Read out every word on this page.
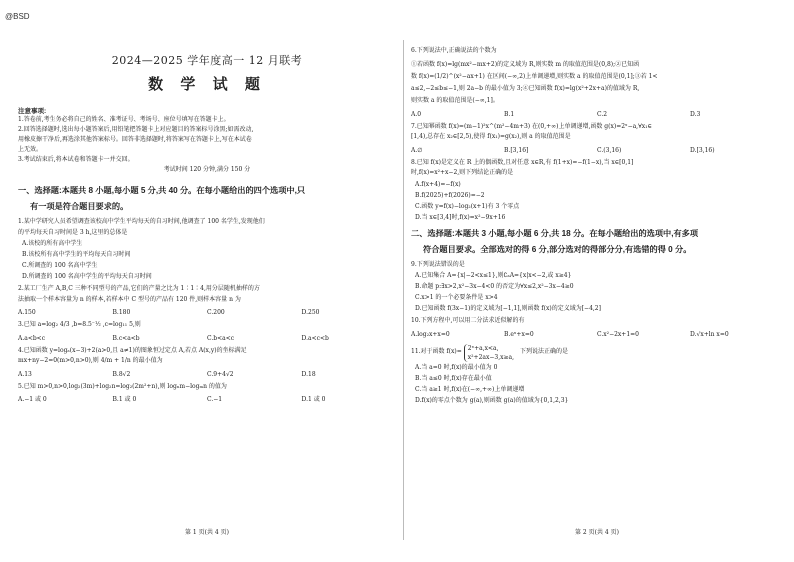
@BSD
2024—2025 学年度高一 12 月联考
数 学 试 题
注意事项:
1.答卷前,考生务必将自己的姓名、准考证号、考场号、座位号填写在答题卡上。
2.回答选择题时,选出每小题答案后,用铅笔把答题卡上对应题目的答案标号涂黑;如需改动,
用橡皮擦干净后,再选涂其他答案标号。回答非选择题时,将答案写在答题卡上,写在本试卷
上无效。
3.考试结束后,将本试卷和答题卡一并交回。
考试时间 120 分钟,满分 150 分
一、选择题:本题共 8 小题,每小题 5 分,共 40 分。在每小题给出的四个选项中,只
有一项是符合题目要求的。
1.某中学研究人员希望调查该校高中学生平均每天的自习时间,他调查了 100 名学生,发现他们
的平均每天自习时间是 3 h,这里的总体是
A.该校的所有高中学生
B.该校所有高中学生的平均每天自习时间
C.所调查的 100 名高中学生
D.所调查的 100 名高中学生的平均每天自习时间
2.某工厂生产 A,B,C 三种不同型号的产品,它们的产量之比为 1∶1∶4,用分层随机抽样的方
法抽取一个样本容量为 n 的样本,若样本中 C 型号的产品有 120 件,则样本容量 n 为
A.150	B.180	C.200	D.250
3.已知 a=log₂ 4/3 ,b=8.5⁻½ ,c=log₁₁ 5,则
A.a<b<c	B.c<a<b	C.b<a<c	D.a<c<b
4.已知函数 y=logₐ(x−3)+2(a>0,且 a≠1)的图象恒过定点 A,若点 A(x,y)的坐标满足
mx+ny−2=0(m>0,n>0),则 4/m + 1/n 的最小值为
A.13	B.8√2	C.9+4√2	D.18
5.已知 m>0,n>0,log₂(3m)+log₂n=log₂(2m²+n),则 logₙm−logₘn 的值为
A.−1 或 0	B.1 或 0	C.−1	D.1 或 0
第 1 页(共 4 页)
6.下列说法中,正确说法的个数为
①若函数 f(x)=lg(mx²−mx+2)的定义域为 R,则实数 m 的取值范围是(0,8);②已知函
数 f(x)=(1/2)^(x²−ax+1) 在区间(−∞,2)上单调递增,则实数 a 的取值范围是(0,1];③若 1<
a≤2,−2≤b≤−1,则 2a−b 的最小值为 3;④已知函数 f(x)=lg(x²+2x+a)的值域为 R,
则实数 a 的取值范围是(−∞,1]。
A.0	B.1	C.2	D.3
7.已知幂函数 f(x)=(m−1)²x^(m²−4m+3) 在(0,+∞)上单调递增,函数 g(x)=2ˣ−a,∀x₁∈
[1,4),总存在 x₂∈[2,5),使得 f(x₁)=g(x₂),则 a 的取值范围是
A.∅	B.[3,16]	C.(3,16)	D.[3,16)
8.已知 f(x)是定义在 R 上的偶函数,且对任意 x∈R,有 f(1+x)=−f(1−x),当 x∈[0,1]
时,f(x)=x²+x−2,则下列结论正确的是
A.f(x+4)=−f(x)
B.f(2025)+f(2026)=−2
C.函数 y=f(x)−log₂(x+1)有 3 个零点
D.当 x∈[3,4]时,f(x)=x²−9x+16
二、选择题:本题共 3 小题,每小题 6 分,共 18 分。在每小题给出的选项中,有多项
符合题目要求。全部选对的得 6 分,部分选对的得部分分,有选错的得 0 分。
9.下列说法错误的是
A.已知集合 A={x|−2<x≤1},则∁ₐA={x|x<−2,或 x≥4}
B.命题 p:∃x>2,x²−3x−4<0 的否定为∀x≤2,x²−3x−4≥0
C.x>1 的一个必要条件是 x>4
D.已知函数 f(3x−1)的定义域为[−1,1],则函数 f(x)的定义域为[−4,2]
10.下列方程中,可以用二分法求近似解的有
A.log₂x+x=0	B.eˣ+x=0	C.x²−2x+1=0	D.√x+ln x=0
11.对于函数 f(x)=
2ˣ+a,x<a,
x²+2ax−3,x≥a,
下列说法正确的是
A.当 a=0 时,f(x)的最小值为 0
B.当 a≤0 时,f(x)存在最小值
C.当 a≥1 时,f(x)在(−∞,+∞)上单调递增
D.f(x)的零点个数为 g(a),则函数 g(a)的值域为{0,1,2,3}
第 2 页(共 4 页)
